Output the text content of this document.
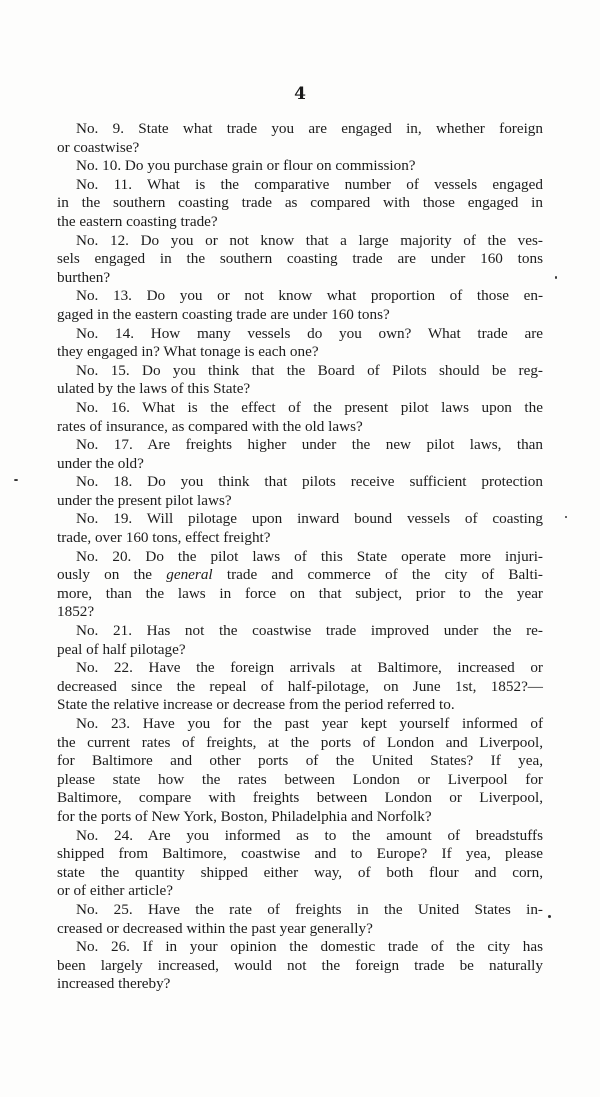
4
No. 9. State what trade you are engaged in, whether foreign
or coastwise?
No. 10. Do you purchase grain or flour on commission?
No. 11. What is the comparative number of vessels engaged
in the southern coasting trade as compared with those engaged in
the eastern coasting trade?
No. 12. Do you or not know that a large majority of the ves-
sels engaged in the southern coasting trade are under 160 tons
burthen?
No. 13. Do you or not know what proportion of those en-
gaged in the eastern coasting trade are under 160 tons?
No. 14. How many vessels do you own? What trade are
they engaged in? What tonage is each one?
No. 15. Do you think that the Board of Pilots should be reg-
ulated by the laws of this State?
No. 16. What is the effect of the present pilot laws upon the
rates of insurance, as compared with the old laws?
No. 17. Are freights higher under the new pilot laws, than
under the old?
No. 18. Do you think that pilots receive sufficient protection
under the present pilot laws?
No. 19. Will pilotage upon inward bound vessels of coasting
trade, over 160 tons, effect freight?
No. 20. Do the pilot laws of this State operate more injuri-
ously on the general trade and commerce of the city of Balti-
more, than the laws in force on that subject, prior to the year
1852?
No. 21. Has not the coastwise trade improved under the re-
peal of half pilotage?
No. 22. Have the foreign arrivals at Baltimore, increased or
decreased since the repeal of half-pilotage, on June 1st, 1852?—
State the relative increase or decrease from the period referred to.
No. 23. Have you for the past year kept yourself informed of
the current rates of freights, at the ports of London and Liverpool,
for Baltimore and other ports of the United States? If yea,
please state how the rates between London or Liverpool for
Baltimore, compare with freights between London or Liverpool,
for the ports of New York, Boston, Philadelphia and Norfolk?
No. 24. Are you informed as to the amount of breadstuffs
shipped from Baltimore, coastwise and to Europe? If yea, please
state the quantity shipped either way, of both flour and corn,
or of either article?
No. 25. Have the rate of freights in the United States in-
creased or decreased within the past year generally?
No. 26. If in your opinion the domestic trade of the city has
been largely increased, would not the foreign trade be naturally
increased thereby?
